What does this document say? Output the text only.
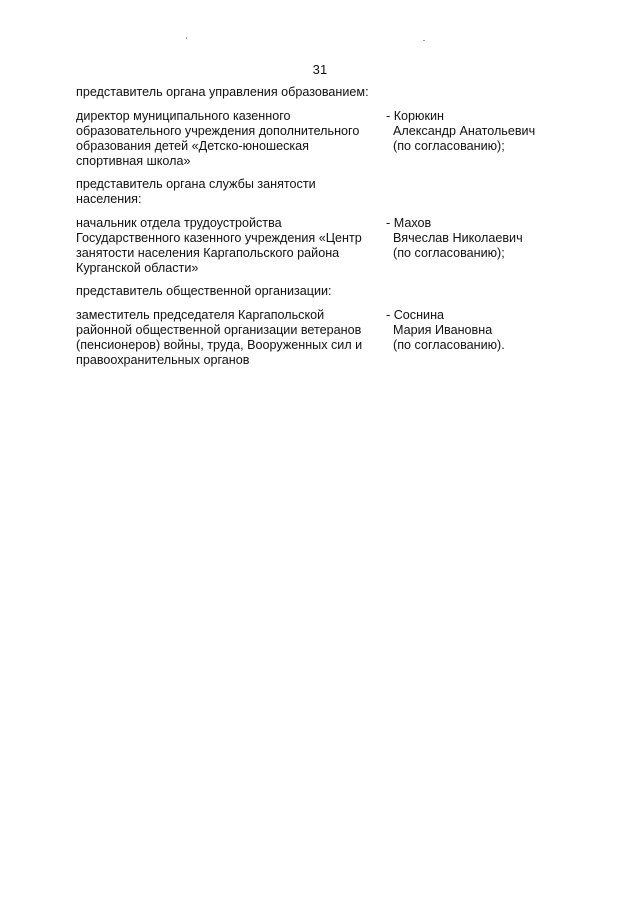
31

представитель органа управления образованием:

директор муниципального казенного
образовательного учреждения дополнительного
образования детей «Детско-юношеская
спортивная школа»

- Корюкин
Александр Анатольевич
(по согласованию);

представитель органа службы занятости
населения:

начальник отдела трудоустройства
Государственного казенного учреждения «Центр
занятости населения Каргапольского района
Курганской области»

- Махов
Вячеслав Николаевич
(по согласованию);

представитель общественной организации:

заместитель председателя Каргапольской
районной общественной организации ветеранов
(пенсионеров) войны, труда, Вооруженных сил и
правоохранительных органов

- Соснина
Мария Ивановна
(по согласованию).
